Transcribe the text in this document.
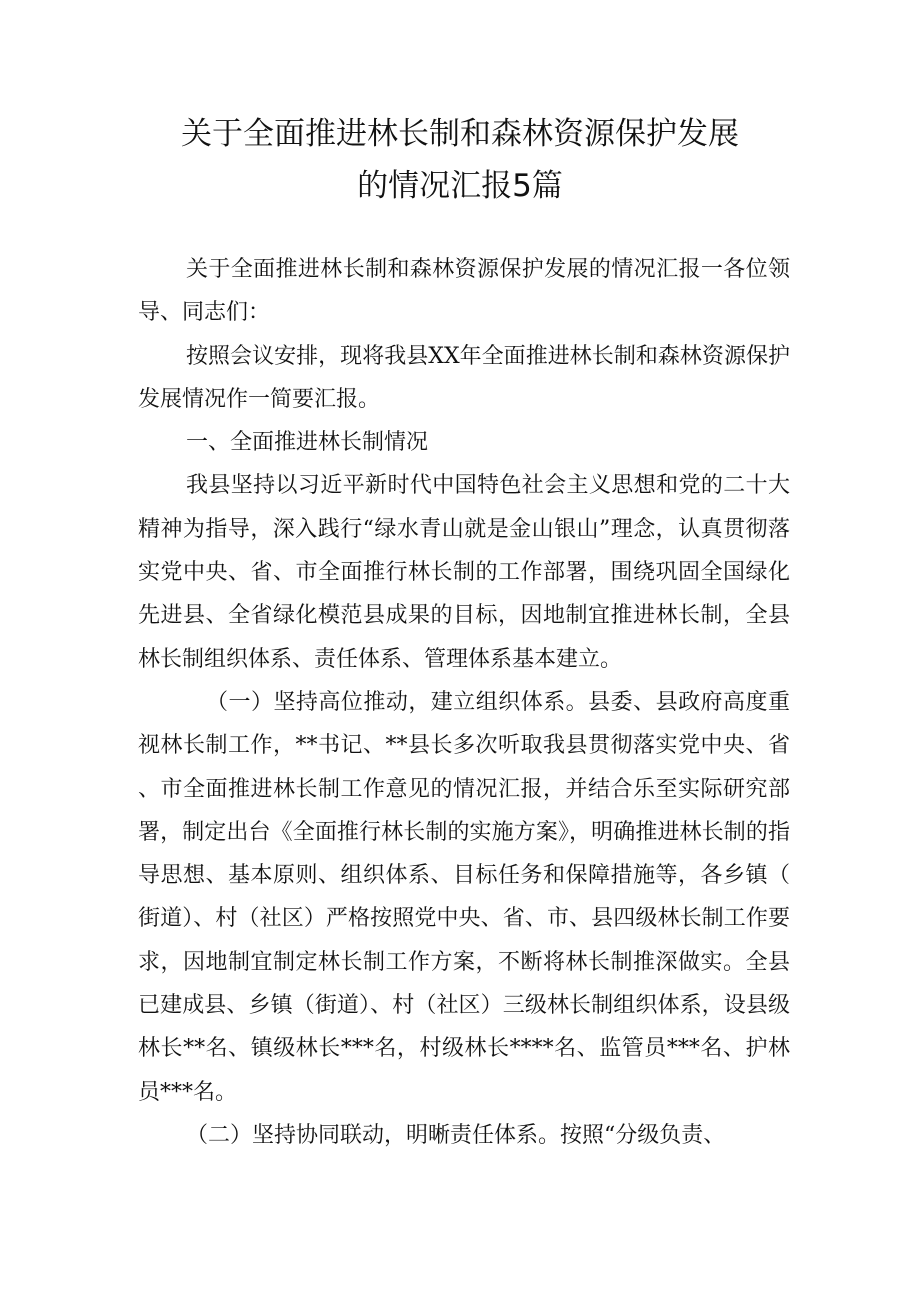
关于全面推进林长制和森林资源保护发展
的情况汇报5篇

关于全面推进林长制和森林资源保护发展的情况汇报一各位领导、同志们：

按照会议安排，现将我县XX年全面推进林长制和森林资源保护发展情况作一简要汇报。

一、全面推进林长制情况

我县坚持以习近平新时代中国特色社会主义思想和党的二十大精神为指导，深入践行“绿水青山就是金山银山”理念，认真贯彻落实党中央、省、市全面推行林长制的工作部署，围绕巩固全国绿化先进县、全省绿化模范县成果的目标，因地制宜推进林长制，全县林长制组织体系、责任体系、管理体系基本建立。

（一）坚持高位推动，建立组织体系。县委、县政府高度重视林长制工作，**书记、**县长多次听取我县贯彻落实党中央、省、市全面推进林长制工作意见的情况汇报，并结合乐至实际研究部署，制定出台《全面推行林长制的实施方案》，明确推进林长制的指导思想、基本原则、组织体系、目标任务和保障措施等，各乡镇（街道）、村（社区）严格按照党中央、省、市、县四级林长制工作要求，因地制宜制定林长制工作方案，不断将林长制推深做实。全县已建成县、乡镇（街道）、村（社区）三级林长制组织体系，设县级林长**名、镇级林长***名，村级林长****名、监管员***名、护林员***名。

（二）坚持协同联动，明晰责任体系。按照“分级负责、
